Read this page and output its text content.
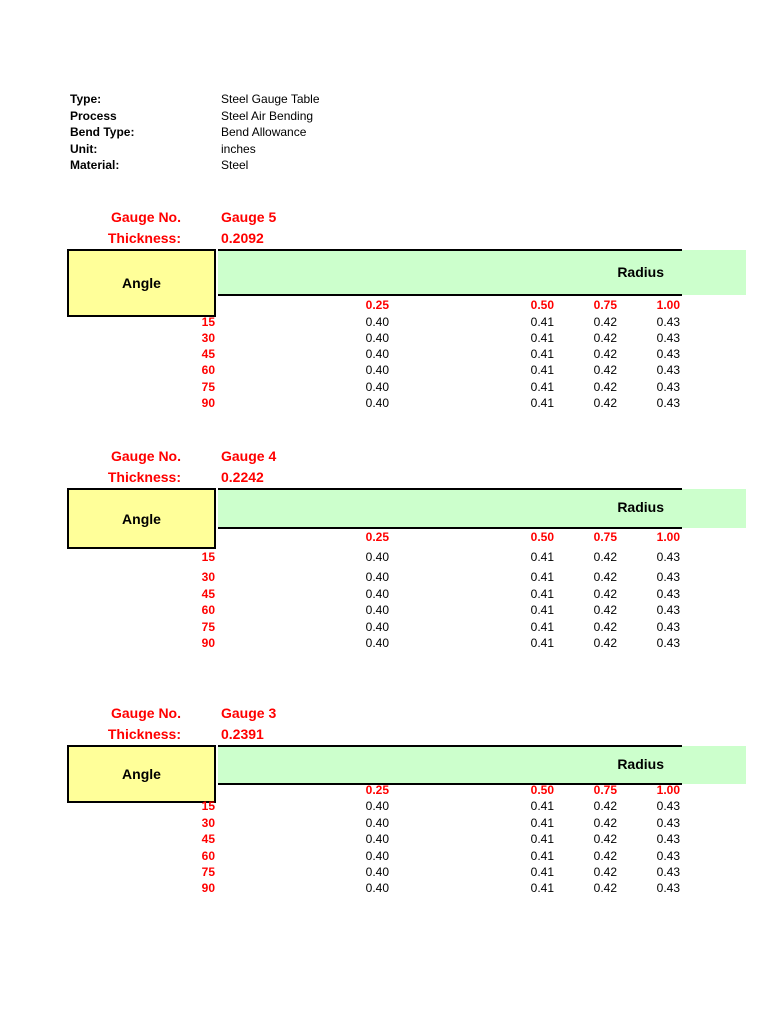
Type:	Steel Gauge Table
Process	Steel Air Bending
Bend Type:	Bend Allowance
Unit:	inches
Material:	Steel
Gauge No.	Gauge 5
Thickness:	0.2092
Radius
Angle
0.25	0.50	0.75	1.00
15	0.40	0.41	0.42	0.43
30	0.40	0.41	0.42	0.43
45	0.40	0.41	0.42	0.43
60	0.40	0.41	0.42	0.43
75	0.40	0.41	0.42	0.43
90	0.40	0.41	0.42	0.43
Gauge No.	Gauge 4
Thickness:	0.2242
Radius
Angle
0.25	0.50	0.75	1.00
15	0.40	0.41	0.42	0.43
30	0.40	0.41	0.42	0.43
45	0.40	0.41	0.42	0.43
60	0.40	0.41	0.42	0.43
75	0.40	0.41	0.42	0.43
90	0.40	0.41	0.42	0.43
Gauge No.	Gauge 3
Thickness:	0.2391
Radius
Angle
0.25	0.50	0.75	1.00
15	0.40	0.41	0.42	0.43
30	0.40	0.41	0.42	0.43
45	0.40	0.41	0.42	0.43
60	0.40	0.41	0.42	0.43
75	0.40	0.41	0.42	0.43
90	0.40	0.41	0.42	0.43
